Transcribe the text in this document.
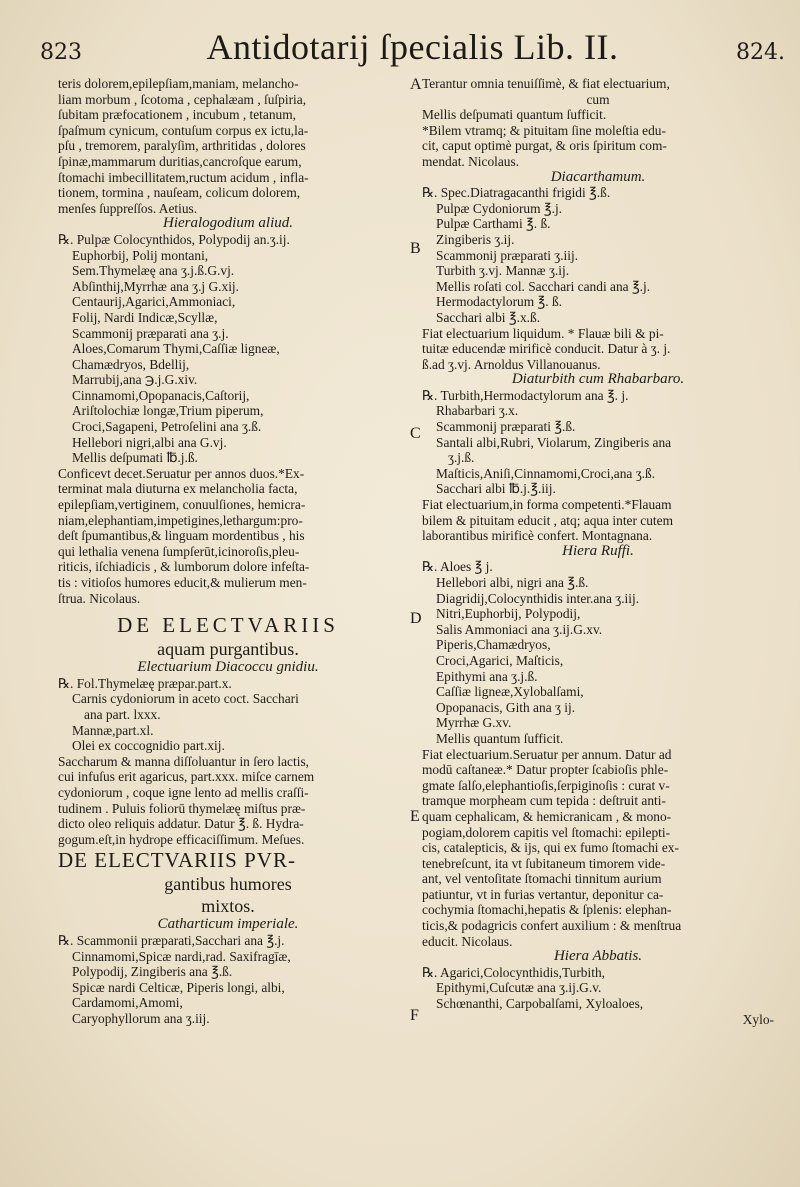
823	Antidotarij ſpecialis Lib. II.	824.

teris dolorem,epilepſiam,maniam, melancho-

liam morbum , ſcotoma , cephalæam , ſuſpiria,

ſubitam præfocationem , incubum , tetanum,

ſpaſmum cynicum, contuſum corpus ex ictu,la-

pſu , tremorem, paralyſim, arthritidas , dolores

ſpinæ,mammarum duritias,cancroſque earum,

ſtomachi imbecillitatem,ructum acidum , infla-

tionem, tormina , nauſeam, colicum dolorem,

menſes ſuppreſſos. Aetius.

Hieralogodium aliud.

℞. Pulpæ Colocynthidos, Polypodij an.ʒ.ij.

Euphorbij, Polij montani,

Sem.Thymelæę ana ʒ.j.ß.G.vj.

Abſinthij,Myrrhæ ana ʒ.j G.xij.

Centaurij,Agarici,Ammoniaci,

Folij, Nardi Indicæ,Scyllæ,

Scammonij præparati ana ʒ.j.

Aloes,Comarum Thymi,Caſſiæ ligneæ,

Chamædryos, Bdellij,

Marrubij,ana ℈.j.G.xiv.

Cinnamomi,Opopanacis,Caſtorij,

Ariſtolochiæ longæ,Trium piperum,

Croci,Sagapeni, Petroſelini ana ʒ.ß.

Hellebori nigri,albi ana G.vj.

Mellis deſpumati ℔.j.ß.

Conficevt decet.Seruatur per annos duos.*Ex-

terminat mala diuturna ex melancholia facta,

epilepſiam,vertiginem, conuulſiones, hemicra-

niam,elephantiam,impetigines,lethargum:pro-

deſt ſpumantibus,& linguam mordentibus , his

qui lethalia venena ſumpſerūt,icinoroſis,pleu-

riticis, iſchiadicis , & lumborum dolore infeſta-

tis : vitioſos humores educit,& mulierum men-

ſtrua. Nicolaus.

DE ELECTVARIIS

aquam purgantibus.

Electuarium Diacoccu gnidiu.

℞. Fol.Thymelæę præpar.part.x.

Carnis cydoniorum in aceto coct. Sacchari

ana part. lxxx.

Mannæ,part.xl.

Olei ex coccognidio part.xij.

Saccharum & manna diſſoluantur in ſero lactis,

cui infuſus erit agaricus, part.xxx. miſce carnem

cydoniorum , coque igne lento ad mellis craſſi-

tudinem . Puluis foliorū thymelæę miſtus præ-

dicto oleo reliquis addatur. Datur ℥. ß. Hydra-

gogum.eſt,in hydrope efficaciſſimum. Meſues.

DE ELECTVARIIS PVR-

gantibus humores

mixtos.

Catharticum imperiale.

℞. Scammonii præparati,Sacchari ana ℥.j.

Cinnamomi,Spicæ nardi,rad. Saxifragīæ,

Polypodij, Zingiberis ana ℥.ß.

Spicæ nardi Celticæ, Piperis longi, albi,

Cardamomi,Amomi,

Caryophyllorum ana ʒ.iij.

Terantur omnia tenuiſſimè, & fiat electuarium,

cum

Mellis deſpumati quantum ſufficit.

*Bilem vtramq; & pituitam ſine moleſtia edu-

cit, caput optimè purgat, & oris ſpiritum com-

mendat. Nicolaus.

Diacarthamum.

℞. Spec.Diatragacanthi frigidi ℥.ß.

Pulpæ Cydoniorum ℥.j.

Pulpæ Carthami ℥. ß.

Zingiberis ʒ.ij.

Scammonij præparati ʒ.iij.

Turbith ʒ.vj. Mannæ ʒ.ij.

Mellis roſati col. Sacchari candi ana ℥.j.

Hermodactylorum ℥. ß.

Sacchari albi ℥.x.ß.

Fiat electuarium liquidum. * Flauæ bili & pi-

tuitæ educendæ mirificè conducit. Datur à ʒ. j.

ß.ad ʒ.vj. Arnoldus Villanouanus.

Diaturbith cum Rhabarbaro.

℞. Turbith,Hermodactylorum ana ℥. j.

Rhabarbari ʒ.x.

Scammonij præparati ℥.ß.

Santali albi,Rubri, Violarum, Zingiberis ana

ʒ.j.ß.

Maſticis,Aniſi,Cinnamomi,Croci,ana ʒ.ß.

Sacchari albi ℔.j.℥.iij.

Fiat electuarium,in forma competenti.*Flauam

bilem & pituitam educit , atq; aqua inter cutem

laborantibus mirificè confert. Montagnana.

Hiera Ruffi.

℞. Aloes ℥ j.

Hellebori albi, nigri ana ℥.ß.

Diagridij,Colocynthidis inter.ana ʒ.iij.

Nitri,Euphorbij, Polypodij,

Salis Ammoniaci ana ʒ.ij.G.xv.

Piperis,Chamædryos,

Croci,Agarici, Maſticis,

Epithymi ana ʒ.j.ß.

Caſſiæ ligneæ,Xylobalſami,

Opopanacis, Gith ana ʒ ij.

Myrrhæ G.xv.

Mellis quantum ſufficit.

Fiat electuarium.Seruatur per annum. Datur ad

modū caſtaneæ.* Datur propter ſcabioſis phle-

gmate ſalſo,elephantioſis,ſerpiginoſis : curat v-

tramque morpheam cum tepida : deſtruit anti-

quam cephalicam, & hemicranicam , & mono-

pogiam,dolorem capitis vel ſtomachi: epilepti-

cis, catalepticis, & ijs, qui ex fumo ſtomachi ex-

tenebreſcunt, ita vt ſubitaneum timorem vide-

ant, vel ventoſitate ſtomachi tinnitum aurium

patiuntur, vt in furias vertantur, deponitur ca-

cochymia ſtomachi,hepatis & ſplenis: elephan-

ticis,& podagricis confert auxilium : & menſtrua

educit. Nicolaus.

Hiera Abbatis.

℞. Agarici,Colocynthidis,Turbith,

Epithymi,Cuſcutæ ana ʒ.ij.G.v.

Schœnanthi, Carpobalſami, Xyloaloes,

Xylo-

A
B
C
D
E
F
